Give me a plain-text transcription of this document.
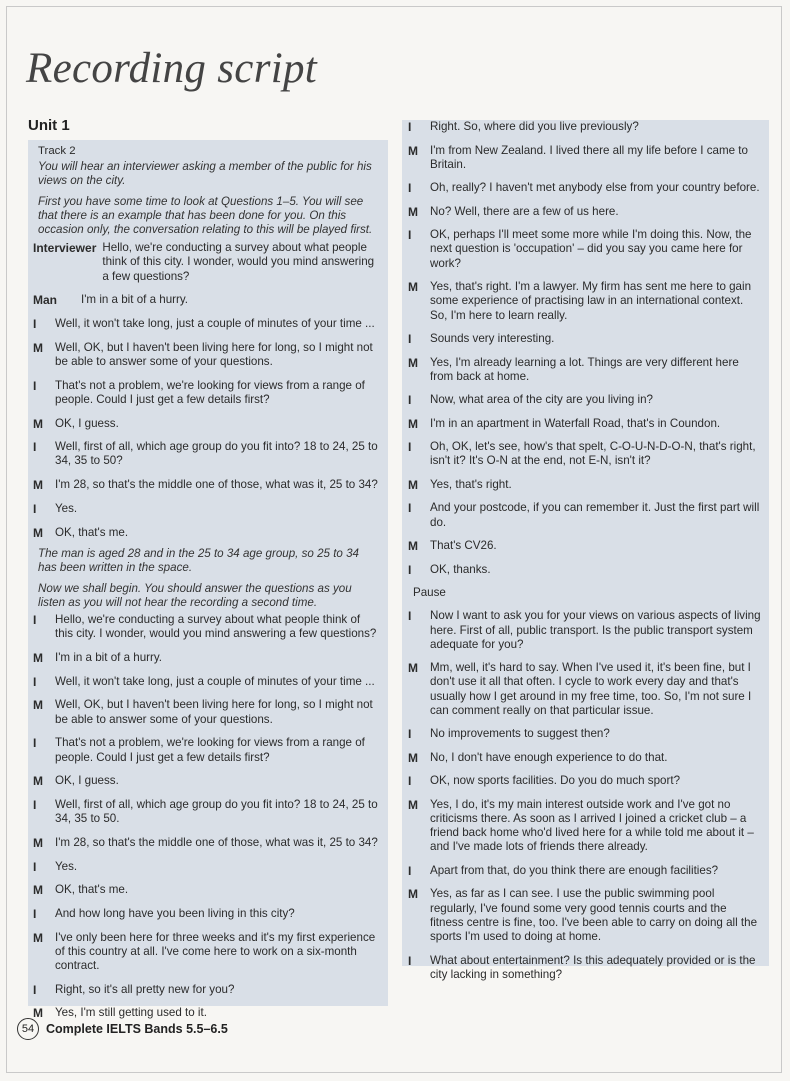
Recording script
Unit 1
Track 2
You will hear an interviewer asking a member of the public for his views on the city.
First you have some time to look at Questions 1–5. You will see that there is an example that has been done for you. On this occasion only, the conversation relating to this will be played first.
Interviewer Hello, we're conducting a survey about what people think of this city. I wonder, would you mind answering a few questions?
Man	I'm in a bit of a hurry.
I	Well, it won't take long, just a couple of minutes of your time ...
M	Well, OK, but I haven't been living here for long, so I might not be able to answer some of your questions.
I	That's not a problem, we're looking for views from a range of people. Could I just get a few details first?
M	OK, I guess.
I	Well, first of all, which age group do you fit into? 18 to 24, 25 to 34, 35 to 50?
M	I'm 28, so that's the middle one of those, what was it, 25 to 34?
I	Yes.
M	OK, that's me.
The man is aged 28 and in the 25 to 34 age group, so 25 to 34 has been written in the space.
Now we shall begin. You should answer the questions as you listen as you will not hear the recording a second time.
I	Hello, we're conducting a survey about what people think of this city. I wonder, would you mind answering a few questions?
M	I'm in a bit of a hurry.
I	Well, it won't take long, just a couple of minutes of your time ...
M	Well, OK, but I haven't been living here for long, so I might not be able to answer some of your questions.
I	That's not a problem, we're looking for views from a range of people. Could I just get a few details first?
M	OK, I guess.
I	Well, first of all, which age group do you fit into? 18 to 24, 25 to 34, 35 to 50.
M	I'm 28, so that's the middle one of those, what was it, 25 to 34?
I	Yes.
M	OK, that's me.
I	And how long have you been living in this city?
M	I've only been here for three weeks and it's my first experience of this country at all. I've come here to work on a six-month contract.
I	Right, so it's all pretty new for you?
M	Yes, I'm still getting used to it.
I	Right. So, where did you live previously?
M	I'm from New Zealand. I lived there all my life before I came to Britain.
I	Oh, really? I haven't met anybody else from your country before.
M	No? Well, there are a few of us here.
I	OK, perhaps I'll meet some more while I'm doing this. Now, the next question is 'occupation' – did you say you came here for work?
M	Yes, that's right. I'm a lawyer. My firm has sent me here to gain some experience of practising law in an international context. So, I'm here to learn really.
I	Sounds very interesting.
M	Yes, I'm already learning a lot. Things are very different here from back at home.
I	Now, what area of the city are you living in?
M	I'm in an apartment in Waterfall Road, that's in Coundon.
I	Oh, OK, let's see, how's that spelt, C-O-U-N-D-O-N, that's right, isn't it? It's O-N at the end, not E-N, isn't it?
M	Yes, that's right.
I	And your postcode, if you can remember it. Just the first part will do.
M	That's CV26.
I	OK, thanks.
Pause
I	Now I want to ask you for your views on various aspects of living here. First of all, public transport. Is the public transport system adequate for you?
M	Mm, well, it's hard to say. When I've used it, it's been fine, but I don't use it all that often. I cycle to work every day and that's usually how I get around in my free time, too. So, I'm not sure I can comment really on that particular issue.
I	No improvements to suggest then?
M	No, I don't have enough experience to do that.
I	OK, now sports facilities. Do you do much sport?
M	Yes, I do, it's my main interest outside work and I've got no criticisms there. As soon as I arrived I joined a cricket club – a friend back home who'd lived here for a while told me about it – and I've made lots of friends there already.
I	Apart from that, do you think there are enough facilities?
M	Yes, as far as I can see. I use the public swimming pool regularly, I've found some very good tennis courts and the fitness centre is fine, too. I've been able to carry on doing all the sports I'm used to doing at home.
I	What about entertainment? Is this adequately provided or is the city lacking in something?
54 Complete IELTS Bands 5.5–6.5
